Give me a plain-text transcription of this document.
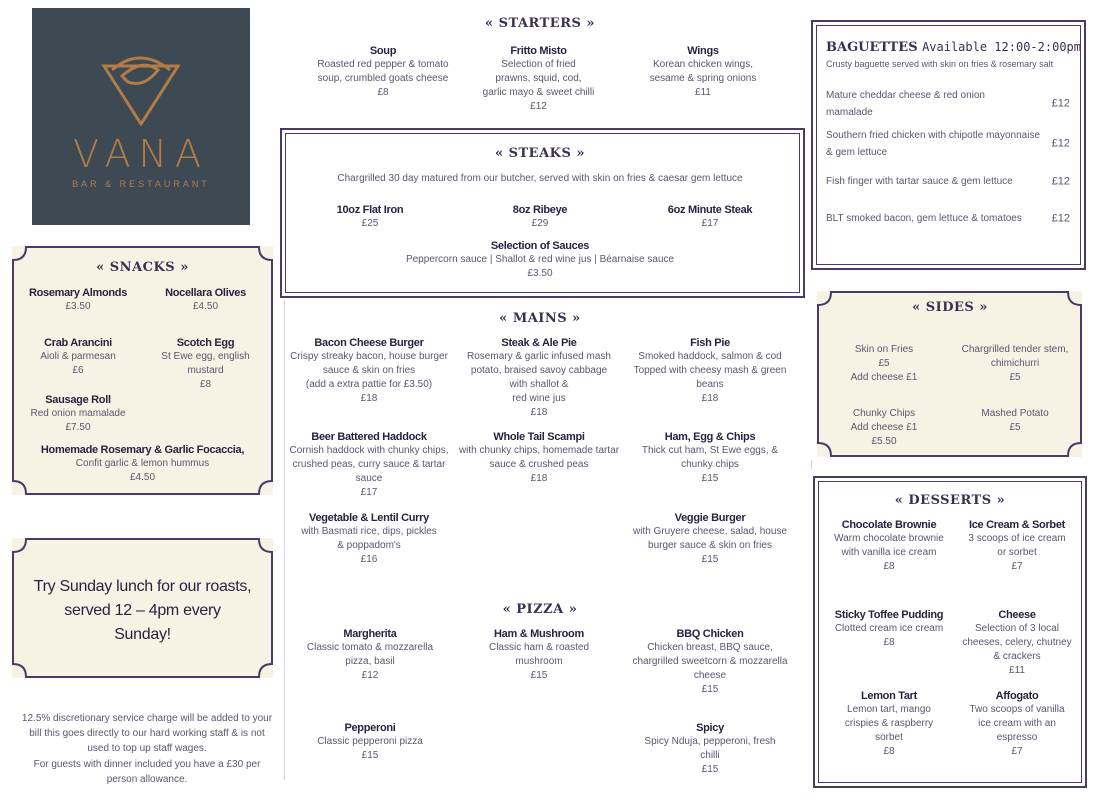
VANA
BAR & RESTAURANT
« STARTERS »
Soup
Roasted red pepper & tomato
soup, crumbled goats cheese
£8
Fritto Misto
Selection of fried
prawns, squid, cod,
garlic mayo & sweet chilli
£12
Wings
Korean chicken wings,
sesame & spring onions
£11
« STEAKS »
Chargrilled 30 day matured from our butcher, served with skin on fries & caesar gem lettuce
10oz Flat Iron
£25
8oz Ribeye
£29
6oz Minute Steak
£17
Selection of Sauces
Peppercorn sauce | Shallot & red wine jus | Béarnaise sauce
£3.50
« MAINS »
Bacon Cheese Burger
Crispy streaky bacon, house burger
sauce & skin on fries
(add a extra pattie for £3.50)
£18
Steak & Ale Pie
Rosemary & garlic infused mash
potato, braised savoy cabbage
with shallot &
red wine jus
£18
Fish Pie
Smoked haddock, salmon & cod
Topped with cheesy mash & green
beans
£18
Beer Battered Haddock
Cornish haddock with chunky chips,
crushed peas, curry sauce & tartar
sauce
£17
Whole Tail Scampi
with chunky chips, homemade tartar
sauce & crushed peas
£18
Ham, Egg & Chips
Thick cut ham, St Ewe eggs, &
chunky chips
£15
Vegetable & Lentil Curry
with Basmati rice, dips, pickles
& poppadom's
£16
Veggie Burger
with Gruyere cheese, salad, house
burger sauce & skin on fries
£15
« PIZZA »
Margherita
Classic tomato & mozzarella
pizza, basil
£12
Ham & Mushroom
Classic ham & roasted
mushroom
£15
BBQ Chicken
Chicken breast, BBQ sauce,
chargrilled sweetcorn & mozzarella
cheese
£15
Pepperoni
Classic pepperoni pizza
£15
Spicy
Spicy Nduja, pepperoni, fresh
chilli
£15
« SNACKS »
Rosemary Almonds
£3.50
Nocellara Olives
£4.50
Crab Arancini
Aioli & parmesan
£6
Scotch Egg
St Ewe egg, english
mustard
£8
Sausage Roll
Red onion mamalade
£7.50
Homemade Rosemary & Garlic Focaccia,
Confit garlic & lemon hummus
£4.50
Try Sunday lunch for our roasts,
served 12 – 4pm every
Sunday!
12.5% discretionary service charge will be added to your
bill this goes directly to our hard working staff & is not
used to top up staff wages.
For guests with dinner included you have a £30 per
person allowance.
BAGUETTES Available 12:00-2:00pm
Crusty baguette served with skin on fries & rosemary salt
Mature cheddar cheese & red onion
mamalade
£12
Southern fried chicken with chipotle mayonnaise
& gem lettuce
£12
Fish finger with tartar sauce & gem lettuce	£12
BLT smoked bacon, gem lettuce & tomatoes	£12
« SIDES »
Skin on Fries
£5
Add cheese £1
Chargrilled tender stem,
chimichurri
£5
Chunky Chips
Add cheese £1
£5.50
Mashed Potato
£5
« DESSERTS »
Chocolate Brownie
Warm chocolate brownie
with vanilla ice cream
£8
Ice Cream & Sorbet
3 scoops of ice cream
or sorbet
£7
Sticky Toffee Pudding
Clotted cream ice cream
£8
Cheese
Selection of 3 local
cheeses, celery, chutney
& crackers
£11
Lemon Tart
Lemon tart, mango
crispies & raspberry
sorbet
£8
Affogato
Two scoops of vanilla
ice cream with an
espresso
£7
